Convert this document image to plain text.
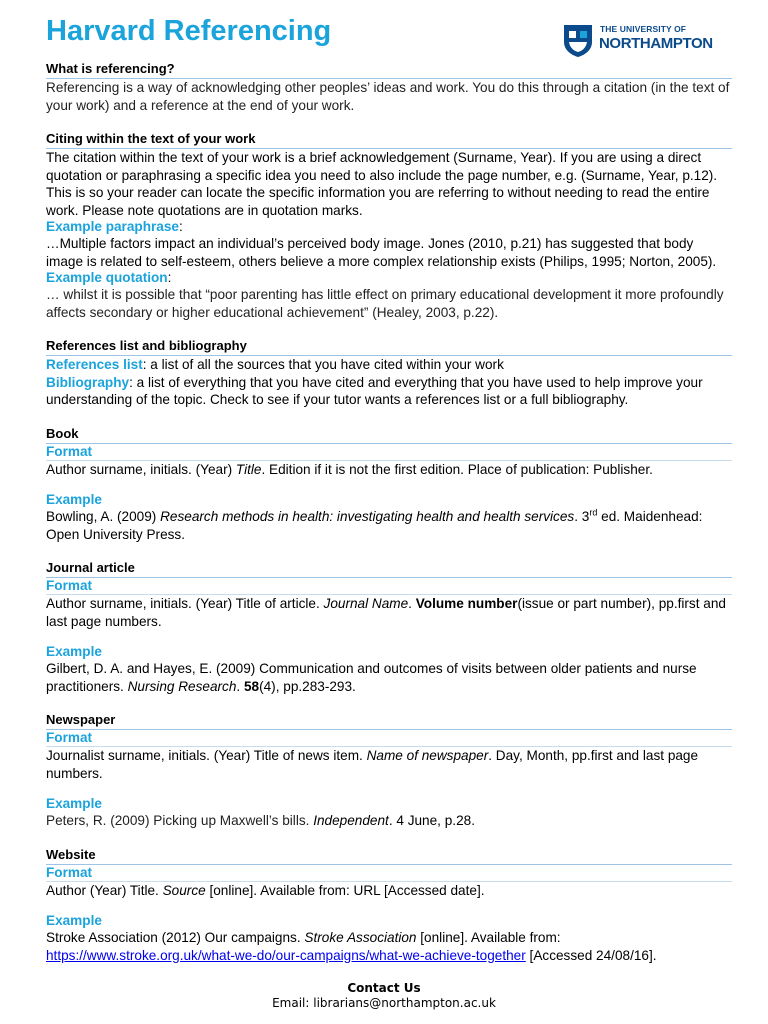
Harvard Referencing	THE UNIVERSITY OF
NORTHAMPTON
What is referencing?

Referencing is a way of acknowledging other peoples’ ideas and work. You do this through a citation (in the text of your work) and a reference at the end of your work.

Citing within the text of your work

The citation within the text of your work is a brief acknowledgement (Surname, Year). If you are using a direct quotation or paraphrasing a specific idea you need to also include the page number, e.g. (Surname, Year, p.12). This is so your reader can locate the specific information you are referring to without needing to read the entire work. Please note quotations are in quotation marks.

Example paraphrase:

…Multiple factors impact an individual’s perceived body image. Jones (2010, p.21) has suggested that body image is related to self-esteem, others believe a more complex relationship exists (Philips, 1995; Norton, 2005).

Example quotation:

… whilst it is possible that “poor parenting has little effect on primary educational development it more profoundly affects secondary or higher educational achievement” (Healey, 2003, p.22).

References list and bibliography

References list: a list of all the sources that you have cited within your work

Bibliography: a list of everything that you have cited and everything that you have used to help improve your understanding of the topic. Check to see if your tutor wants a references list or a full bibliography.

Book
Format

Author surname, initials. (Year) Title. Edition if it is not the first edition. Place of publication: Publisher.

Example

Bowling, A. (2009) Research methods in health: investigating health and health services. 3rd ed. Maidenhead: Open University Press.

Journal article
Format

Author surname, initials. (Year) Title of article. Journal Name. Volume number(issue or part number), pp.first and last page numbers.

Example

Gilbert, D. A. and Hayes, E. (2009) Communication and outcomes of visits between older patients and nurse practitioners. Nursing Research. 58(4), pp.283-293.

Newspaper
Format

Journalist surname, initials. (Year) Title of news item. Name of newspaper. Day, Month, pp.first and last page numbers.

Example

Peters, R. (2009) Picking up Maxwell’s bills. Independent. 4 June, p.28.

Website
Format

Author (Year) Title. Source [online]. Available from: URL [Accessed date].

Example

Stroke Association (2012) Our campaigns. Stroke Association [online]. Available from:
https://www.stroke.org.uk/what-we-do/our-campaigns/what-we-achieve-together [Accessed 24/08/16].

Contact Us
Email: librarians@northampton.ac.uk
